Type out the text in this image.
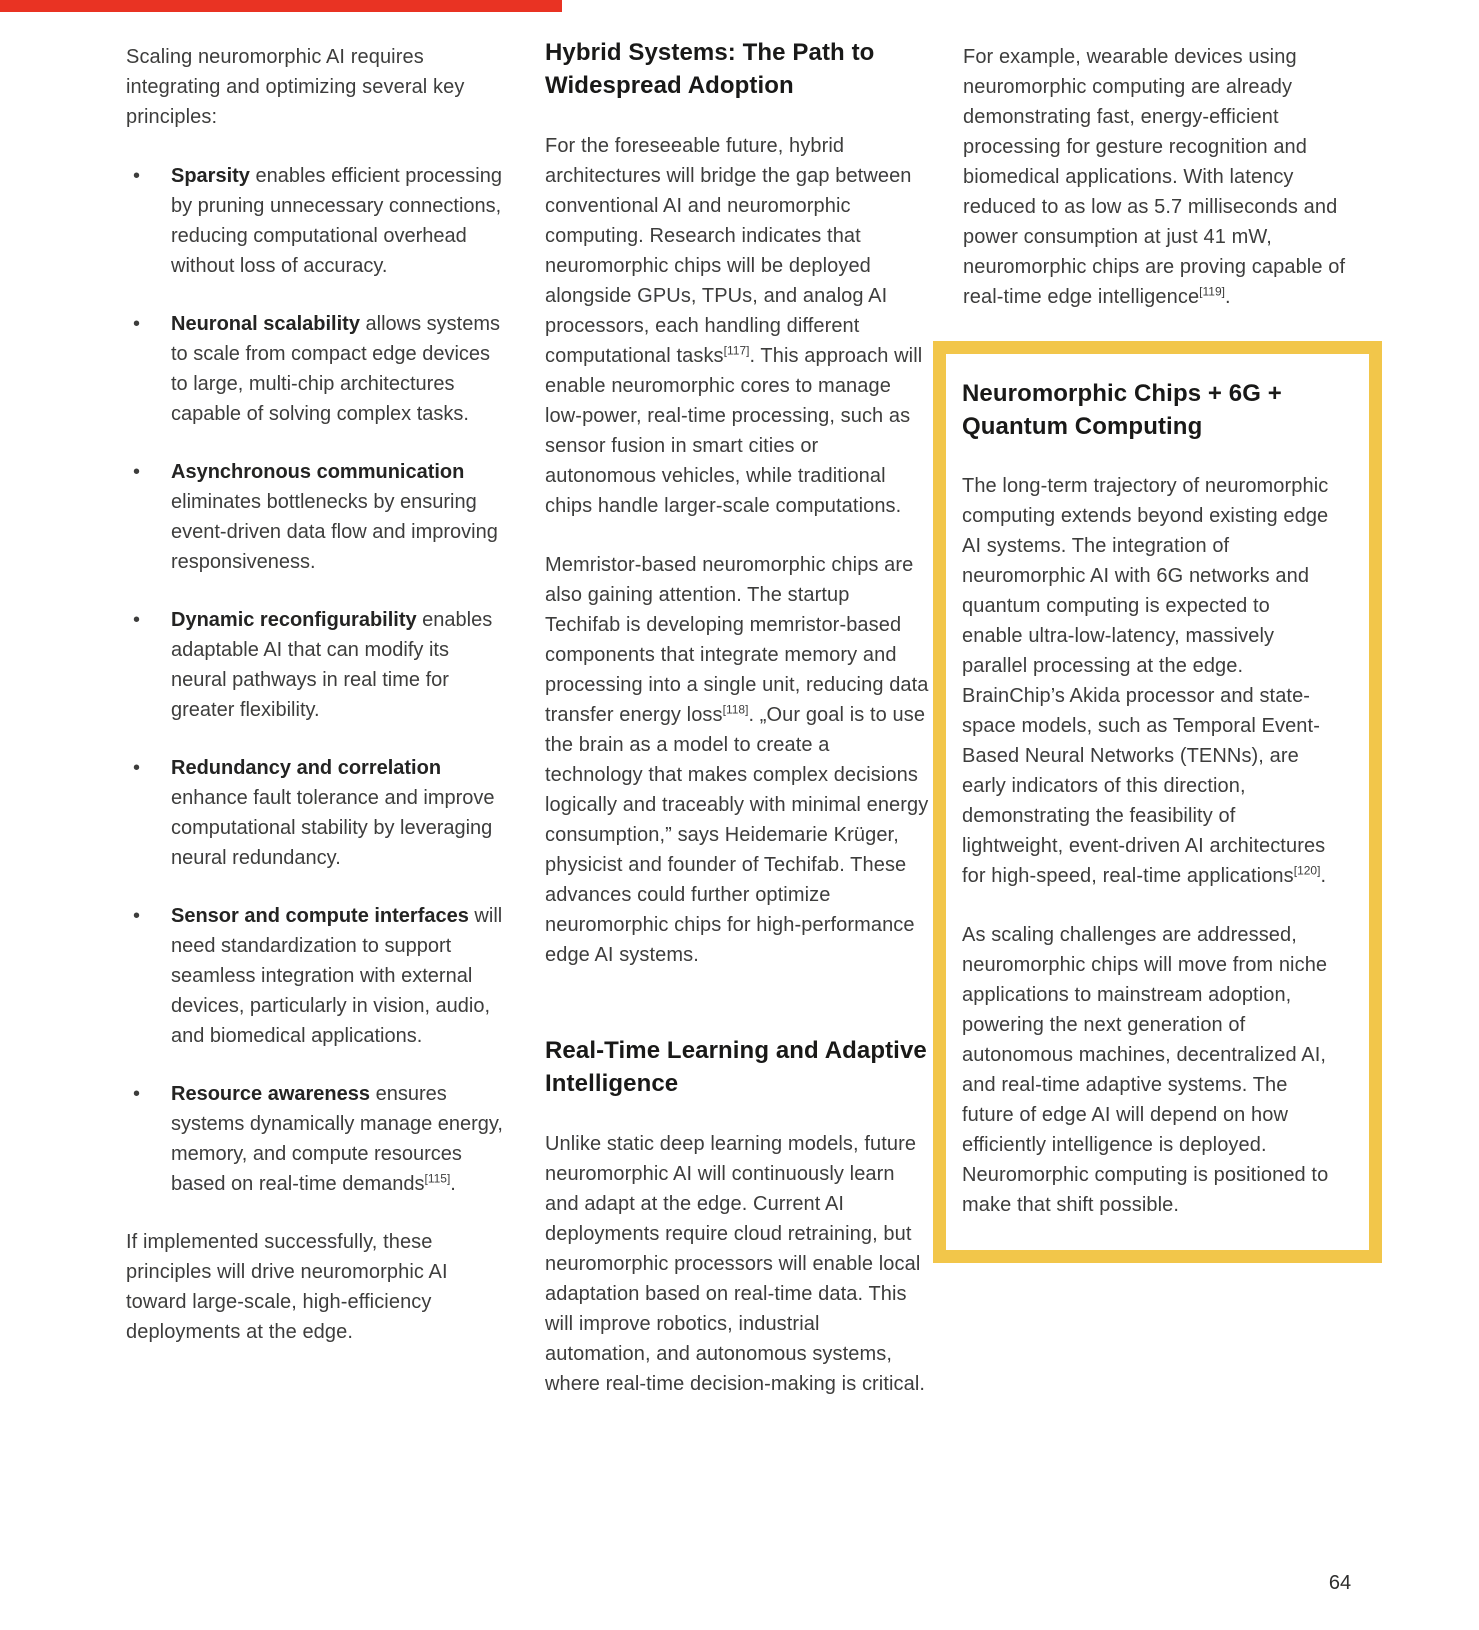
Scaling neuromorphic AI requires integrating and optimizing several key principles:

•	Sparsity enables efficient processing by pruning unnecessary connections, reducing computational overhead without loss of accuracy.
•	Neuronal scalability allows systems to scale from compact edge devices to large, multi-chip architectures capable of solving complex tasks.
•	Asynchronous communication eliminates bottlenecks by ensuring event-driven data flow and improving responsiveness.
•	Dynamic reconfigurability enables adaptable AI that can modify its neural pathways in real time for greater flexibility.
•	Redundancy and correlation enhance fault tolerance and improve computational stability by leveraging neural redundancy.
•	Sensor and compute interfaces will need standardization to support seamless integration with external devices, particularly in vision, audio, and biomedical applications.
•	Resource awareness ensures systems dynamically manage energy, memory, and compute resources based on real-time demands[115].

If implemented successfully, these principles will drive neuromorphic AI toward large-scale, high-efficiency deployments at the edge.

Hybrid Systems: The Path to Widespread Adoption

For the foreseeable future, hybrid architectures will bridge the gap between conventional AI and neuromorphic computing. Research indicates that neuromorphic chips will be deployed alongside GPUs, TPUs, and analog AI processors, each handling different computational tasks[117]. This approach will enable neuromorphic cores to manage low-power, real-time processing, such as sensor fusion in smart cities or autonomous vehicles, while traditional chips handle larger-scale computations.

Memristor-based neuromorphic chips are also gaining attention. The startup Techifab is developing memristor-based components that integrate memory and processing into a single unit, reducing data transfer energy loss[118]. „Our goal is to use the brain as a model to create a technology that makes complex decisions logically and traceably with minimal energy consumption,” says Heidemarie Krüger, physicist and founder of Techifab. These advances could further optimize neuromorphic chips for high-performance edge AI systems.

Real-Time Learning and Adaptive Intelligence

Unlike static deep learning models, future neuromorphic AI will continuously learn and adapt at the edge. Current AI deployments require cloud retraining, but neuromorphic processors will enable local adaptation based on real-time data. This will improve robotics, industrial automation, and autonomous systems, where real-time decision-making is critical.

For example, wearable devices using neuromorphic computing are already demonstrating fast, energy-efficient processing for gesture recognition and biomedical applications. With latency reduced to as low as 5.7 milliseconds and power consumption at just 41 mW, neuromorphic chips are proving capable of real-time edge intelligence[119].

Neuromorphic Chips + 6G + Quantum Computing

The long-term trajectory of neuromorphic computing extends beyond existing edge AI systems. The integration of neuromorphic AI with 6G networks and quantum computing is expected to enable ultra-low-latency, massively parallel processing at the edge. BrainChip’s Akida processor and state-space models, such as Temporal Event-Based Neural Networks (TENNs), are early indicators of this direction, demonstrating the feasibility of lightweight, event-driven AI architectures for high-speed, real-time applications[120].

As scaling challenges are addressed, neuromorphic chips will move from niche applications to mainstream adoption, powering the next generation of autonomous machines, decentralized AI, and real-time adaptive systems. The future of edge AI will depend on how efficiently intelligence is deployed. Neuromorphic computing is positioned to make that shift possible.

64
